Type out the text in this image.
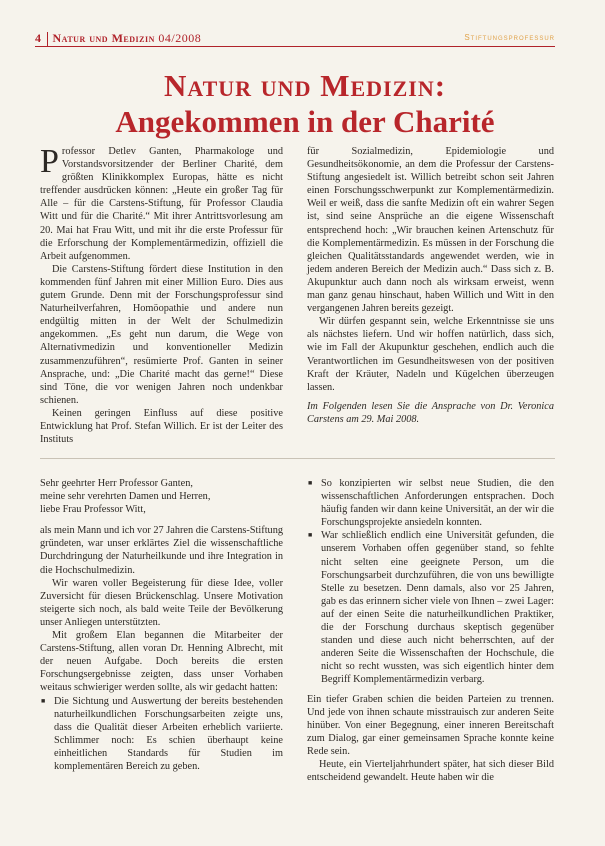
4 Natur und Medizin 04/2008	Stiftungsprofessur
Natur und Medizin:
Angekommen in der Charité

Professor Detlev Ganten, Pharmakologe und Vorstandsvorsitzender der Berliner Charité, dem größten Klinikkomplex Europas, hätte es nicht treffender ausdrücken können: „Heute ein großer Tag für Alle – für die Carstens-Stiftung, für Professor Claudia Witt und für die Charité.“ Mit ihrer Antrittsvorlesung am 20. Mai hat Frau Witt, und mit ihr die erste Professur für die Erforschung der Komplementärmedizin, offiziell die Arbeit aufgenommen.

Die Carstens-Stiftung fördert diese Institution in den kommenden fünf Jahren mit einer Million Euro. Dies aus gutem Grunde. Denn mit der Forschungsprofessur sind Naturheilverfahren, Homöopathie und andere nun endgültig mitten in der Welt der Schulmedizin angekommen. „Es geht nun darum, die Wege von Alternativmedizin und konventioneller Medizin zusammenzuführen“, resümierte Prof. Ganten in seiner Ansprache, und: „Die Charité macht das gerne!“ Diese sind Töne, die vor wenigen Jahren noch undenkbar schienen.

Keinen geringen Einfluss auf diese positive Entwicklung hat Prof. Stefan Willich. Er ist der Leiter des Instituts

für Sozialmedizin, Epidemiologie und Gesundheitsökonomie, an dem die Professur der Carstens-Stiftung angesiedelt ist. Willich betreibt schon seit Jahren einen Forschungsschwerpunkt zur Komplementärmedizin. Weil er weiß, dass die sanfte Medizin oft ein wahrer Segen ist, sind seine Ansprüche an die eigene Wissenschaft entsprechend hoch: „Wir brauchen keinen Artenschutz für die Komplementärmedizin. Es müssen in der Forschung die gleichen Qualitätsstandards angewendet werden, wie in jedem anderen Bereich der Medizin auch.“ Dass sich z. B. Akupunktur auch dann noch als wirksam erweist, wenn man ganz genau hinschaut, haben Willich und Witt in den vergangenen Jahren bereits gezeigt.

Wir dürfen gespannt sein, welche Erkenntnisse sie uns als nächstes liefern. Und wir hoffen natürlich, dass sich, wie im Fall der Akupunktur geschehen, endlich auch die Verantwortlichen im Gesundheitswesen von der positiven Kraft der Kräuter, Nadeln und Kügelchen überzeugen lassen.

Im Folgenden lesen Sie die Ansprache von Dr. Veronica Carstens am 29. Mai 2008.

Sehr geehrter Herr Professor Ganten,

meine sehr verehrten Damen und Herren,

liebe Frau Professor Witt,

als mein Mann und ich vor 27 Jahren die Carstens-Stiftung gründeten, war unser erklärtes Ziel die wissenschaftliche Durchdringung der Naturheilkunde und ihre Integration in die Hochschulmedizin.

Wir waren voller Begeisterung für diese Idee, voller Zuversicht für diesen Brückenschlag. Unsere Motivation steigerte sich noch, als bald weite Teile der Bevölkerung unser Anliegen unterstützten.

Mit großem Elan begannen die Mitarbeiter der Carstens-Stiftung, allen voran Dr. Henning Albrecht, mit der neuen Aufgabe. Doch bereits die ersten Forschungsergebnisse zeigten, dass unser Vorhaben weitaus schwieriger werden sollte, als wir gedacht hatten:

■ Die Sichtung und Auswertung der bereits bestehenden naturheilkundlichen Forschungsarbeiten zeigte uns, dass die Qualität dieser Arbeiten erheblich variierte. Schlimmer noch: Es schien überhaupt keine einheitlichen Standards für Studien im komplementären Bereich zu geben.
■ So konzipierten wir selbst neue Studien, die den wissenschaftlichen Anforderungen entsprachen. Doch häufig fanden wir dann keine Universität, an der wir die Forschungsprojekte ansiedeln konnten.
■ War schließlich endlich eine Universität gefunden, die unserem Vorhaben offen gegenüber stand, so fehlte nicht selten eine geeignete Person, um die Forschungsarbeit durchzuführen, die von uns bewilligte Stelle zu besetzen. Denn damals, also vor 25 Jahren, gab es das erinnern sicher viele von Ihnen – zwei Lager: auf der einen Seite die naturheilkundlichen Praktiker, die der Forschung durchaus skeptisch gegenüber standen und diese auch nicht beherrschten, auf der anderen Seite die Wissenschaften der Hochschule, die nicht so recht wussten, was sich eigentlich hinter dem Begriff Komplementärmedizin verbarg.

Ein tiefer Graben schien die beiden Parteien zu trennen. Und jede von ihnen schaute misstrauisch zur anderen Seite hinüber. Von einer Begegnung, einer inneren Bereitschaft zum Dialog, gar einer gemeinsamen Sprache konnte keine Rede sein.

Heute, ein Vierteljahrhundert später, hat sich dieser Bild entscheidend gewandelt. Heute haben wir die
